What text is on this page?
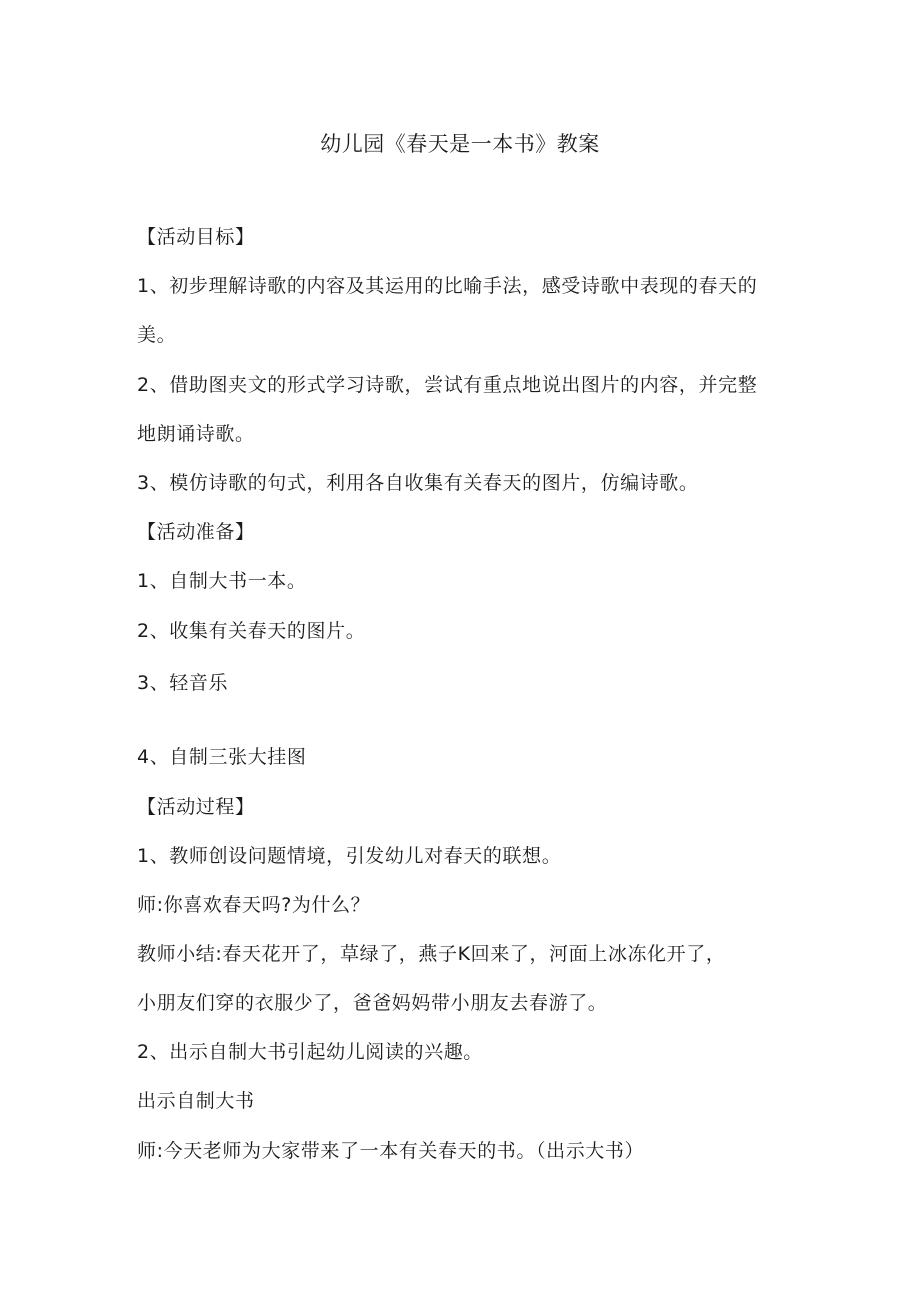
幼儿园《春天是一本书》教案
【活动目标】
1、初步理解诗歌的内容及其运用的比喻手法，感受诗歌中表现的春天的
美。
2、借助图夹文的形式学习诗歌，尝试有重点地说出图片的内容，并完整
地朗诵诗歌。
3、模仿诗歌的句式，利用各自收集有关春天的图片，仿编诗歌。
【活动准备】
1、自制大书一本。
2、收集有关春天的图片。
3、轻音乐
4、自制三张大挂图
【活动过程】
1、教师创设问题情境，引发幼儿对春天的联想。
师:你喜欢春天吗?为什么？
教师小结:春天花开了，草绿了，燕子K回来了，河面上冰冻化开了，
小朋友们穿的衣服少了，爸爸妈妈带小朋友去春游了。
2、出示自制大书引起幼儿阅读的兴趣。
出示自制大书
师:今天老师为大家带来了一本有关春天的书。（出示大书）
